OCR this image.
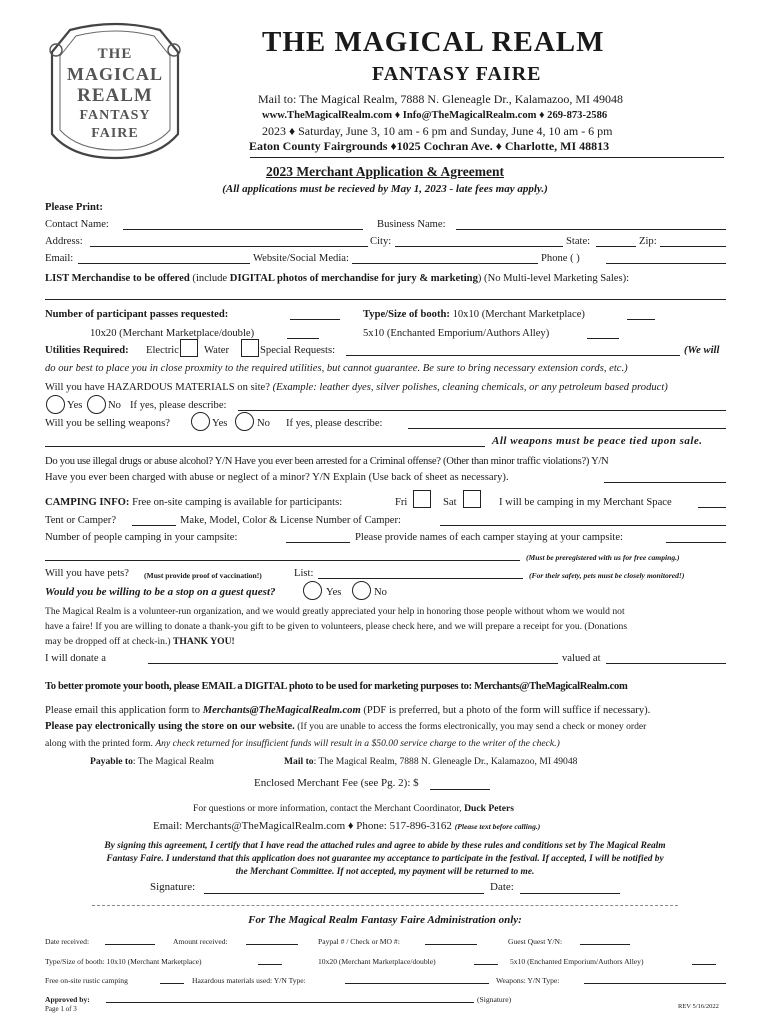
THE
MAGICAL
REALM
FANTASY
FAIRE
THE MAGICAL REALM
FANTASY FAIRE
Mail to: The Magical Realm, 7888 N. Gleneagle Dr., Kalamazoo, MI 49048
www.TheMagicalRealm.com ♦ Info@TheMagicalRealm.com ♦ 269-873-2586
2023 ♦ Saturday, June 3, 10 am - 6 pm and Sunday, June 4, 10 am - 6 pm
Eaton County Fairgrounds ♦1025 Cochran Ave. ♦ Charlotte, MI 48813
2023 Merchant Application & Agreement
(All applications must be recieved by May 1, 2023 - late fees may apply.)
Please Print:
Contact Name:	Business Name:
Address:	City:	State:	Zip:
Email:	Website/Social Media:	Phone ( )
LIST Merchandise to be offered (include DIGITAL photos of merchandise for jury & marketing) (No Multi-level Marketing Sales):
Number of participant passes requested:	Type/Size of booth: 10x10 (Merchant Marketplace)
10x20 (Merchant Marketplace/double)	5x10 (Enchanted Emporium/Authors Alley)
Utilities Required: Electric Water	Special Requests:	(We will
do our best to place you in close proxmity to the required utilities, but cannot guarantee. Be sure to bring necessary extension cords, etc.)
Will you have HAZARDOUS MATERIALS on site? (Example: leather dyes, silver polishes, cleaning chemicals, or any petroleum based product)
Yes No If yes, please describe:
Will you be selling weapons?	Yes	No If yes, please describe:
All weapons must be peace tied upon sale.
Do you use illegal drugs or abuse alcohol? Y/N Have you ever been arrested for a Criminal offense? (Other than minor traffic violations?) Y/N
Have you ever been charged with abuse or neglect of a minor? Y/N Explain (Use back of sheet as necessary).
CAMPING INFO: Free on-site camping is available for participants:	Fri	Sat	I will be camping in my Merchant Space
Tent or Camper?	Make, Model, Color & License Number of Camper:
Number of people camping in your campsite:	Please provide names of each camper staying at your campsite:
(Must be preregistered with us for free camping.)
Will you have pets? (Must provide proof of vaccination!)	List:	(For their safety, pets must be closely monitored!)
Would you be willing to be a stop on a guest quest?	Yes	No
The Magical Realm is a volunteer-run organization, and we would greatly appreciated your help in honoring those people without whom we would not
have a faire! If you are willing to donate a thank-you gift to be given to volunteers, please check here, and we will prepare a receipt for you. (Donations
may be dropped off at check-in.) THANK YOU!
I will donate a	valued at
To better promote your booth, please EMAIL a DIGITAL photo to be used for marketing purposes to: Merchants@TheMagicalRealm.com
Please email this application form to Merchants@TheMagicalRealm.com (PDF is preferred, but a photo of the form will suffice if necessary).
Please pay electronically using the store on our website. (If you are unable to access the forms electronically, you may send a check or money order
along with the printed form. Any check returned for insufficient funds will result in a $50.00 service charge to the writer of the check.)
Payable to: The Magical Realm	Mail to: The Magical Realm, 7888 N. Gleneagle Dr., Kalamazoo, MI 49048
Enclosed Merchant Fee (see Pg. 2): $
For questions or more information, contact the Merchant Coordinator, Duck Peters
Email: Merchants@TheMagicalRealm.com ♦ Phone: 517-896-3162 (Please text before calling.)
By signing this agreement, I certify that I have read the attached rules and agree to abide by these rules and conditions set by The Magical Realm
Fantasy Faire. I understand that this application does not guarantee my acceptance to participate in the festival. If accepted, I will be notified by
the Merchant Committee. If not accepted, my payment will be returned to me.
Signature:	Date:
For The Magical Realm Fantasy Faire Administration only:
Date received:	Amount received:	Paypal # / Check or MO #:	Guest Quest Y/N:
Type/Size of booth: 10x10 (Merchant Marketplace)	10x20 (Merchant Marketplace/double)	5x10 (Enchanted Emporium/Authors Alley)
Free on-site rustic camping	Hazardous materials used: Y/N Type:	Weapons: Y/N Type:
Approved by:	(Signature)
Page 1 of 3	REV 5/16/2022
